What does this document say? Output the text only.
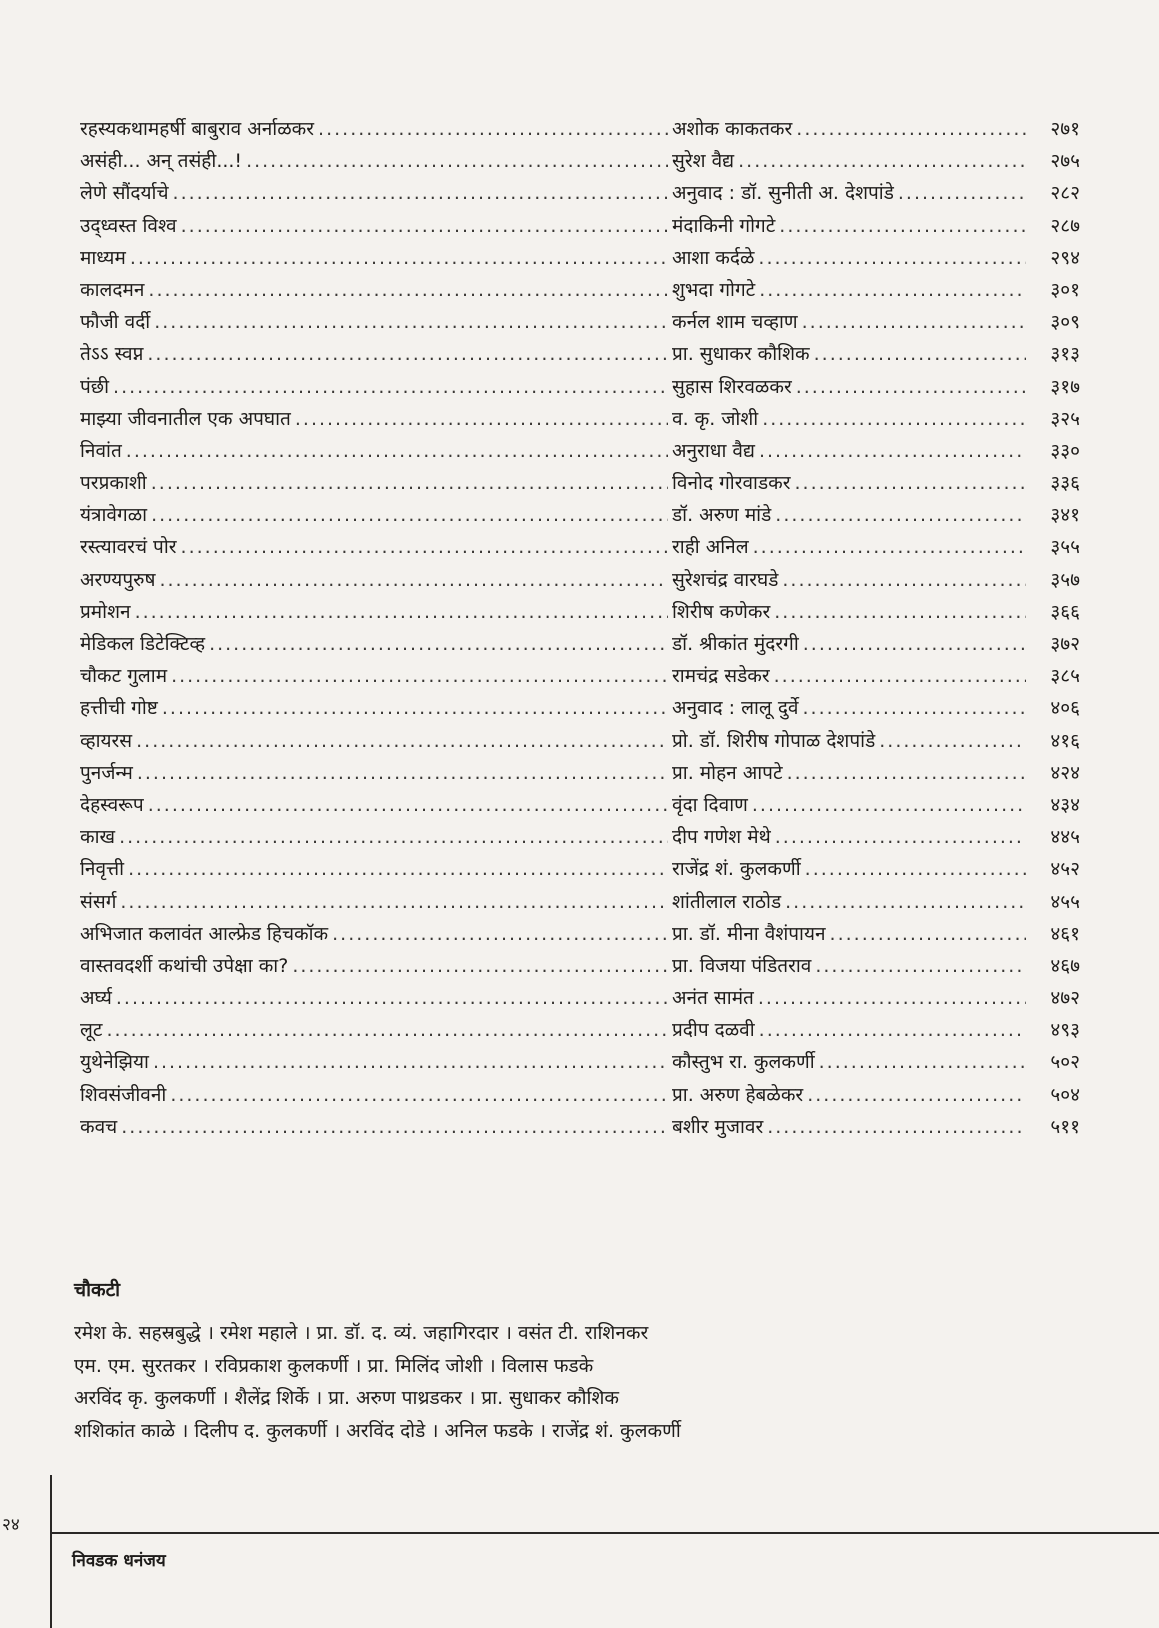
रहस्यकथामहर्षी बाबुराव अर्नाळकर .....	अशोक काकतकर .....	२७१
असंही... अन् तसंही...! .....	सुरेश वैद्य .....	२७५
लेणे सौंदर्याचे .....	अनुवाद : डॉ. सुनीती अ. देशपांडे .....	२८२
उद्ध्वस्त विश्व .....	मंदाकिनी गोगटे .....	२८७
माध्यम .....	आशा कर्दळे .....	२९४
कालदमन .....	शुभदा गोगटे .....	३०१
फौजी वर्दी .....	कर्नल शाम चव्हाण .....	३०९
तेऽऽ स्वप्न .....	प्रा. सुधाकर कौशिक .....	३१३
पंछी .....	सुहास शिरवळकर .....	३१७
माझ्या जीवनातील एक अपघात .....	व. कृ. जोशी .....	३२५
निवांत .....	अनुराधा वैद्य .....	३३०
परप्रकाशी .....	विनोद गोरवाडकर .....	३३६
यंत्रावेगळा .....	डॉ. अरुण मांडे .....	३४१
रस्त्यावरचं पोर .....	राही अनिल .....	३५५
अरण्यपुरुष .....	सुरेशचंद्र वारघडे .....	३५७
प्रमोशन .....	शिरीष कणेकर .....	३६६
मेडिकल डिटेक्टिव्ह .....	डॉ. श्रीकांत मुंदरगी .....	३७२
चौकट गुलाम .....	रामचंद्र सडेकर .....	३८५
हत्तीची गोष्ट .....	अनुवाद : लालू दुर्वे .....	४०६
व्हायरस .....	प्रो. डॉ. शिरीष गोपाळ देशपांडे .....	४१६
पुनर्जन्म .....	प्रा. मोहन आपटे .....	४२४
देहस्वरूप .....	वृंदा दिवाण .....	४३४
काख .....	दीप गणेश मेथे .....	४४५
निवृत्ती .....	राजेंद्र शं. कुलकर्णी .....	४५२
संसर्ग .....	शांतीलाल राठोड .....	४५५
अभिजात कलावंत आल्फ्रेड हिचकॉक .....	प्रा. डॉ. मीना वैशंपायन .....	४६१
वास्तवदर्शी कथांची उपेक्षा का? .....	प्रा. विजया पंडितराव .....	४६७
अर्घ्य .....	अनंत सामंत .....	४७२
लूट .....	प्रदीप दळवी .....	४९३
युथेनेझिया .....	कौस्तुभ रा. कुलकर्णी .....	५०२
शिवसंजीवनी .....	प्रा. अरुण हेबळेकर .....	५०४
कवच .....	बशीर मुजावर .....	५११
चौकटी
रमेश के. सहस्रबुद्धे । रमेश महाले । प्रा. डॉ. द. व्यं. जहागिरदार । वसंत टी. राशिनकर
एम. एम. सुरतकर । रविप्रकाश कुलकर्णी । प्रा. मिलिंद जोशी । विलास फडके
अरविंद कृ. कुलकर्णी । शैलेंद्र शिर्के । प्रा. अरुण पाथ्रडकर । प्रा. सुधाकर कौशिक
शशिकांत काळे । दिलीप द. कुलकर्णी । अरविंद दोडे । अनिल फडके । राजेंद्र शं. कुलकर्णी
२४
निवडक धनंजय
